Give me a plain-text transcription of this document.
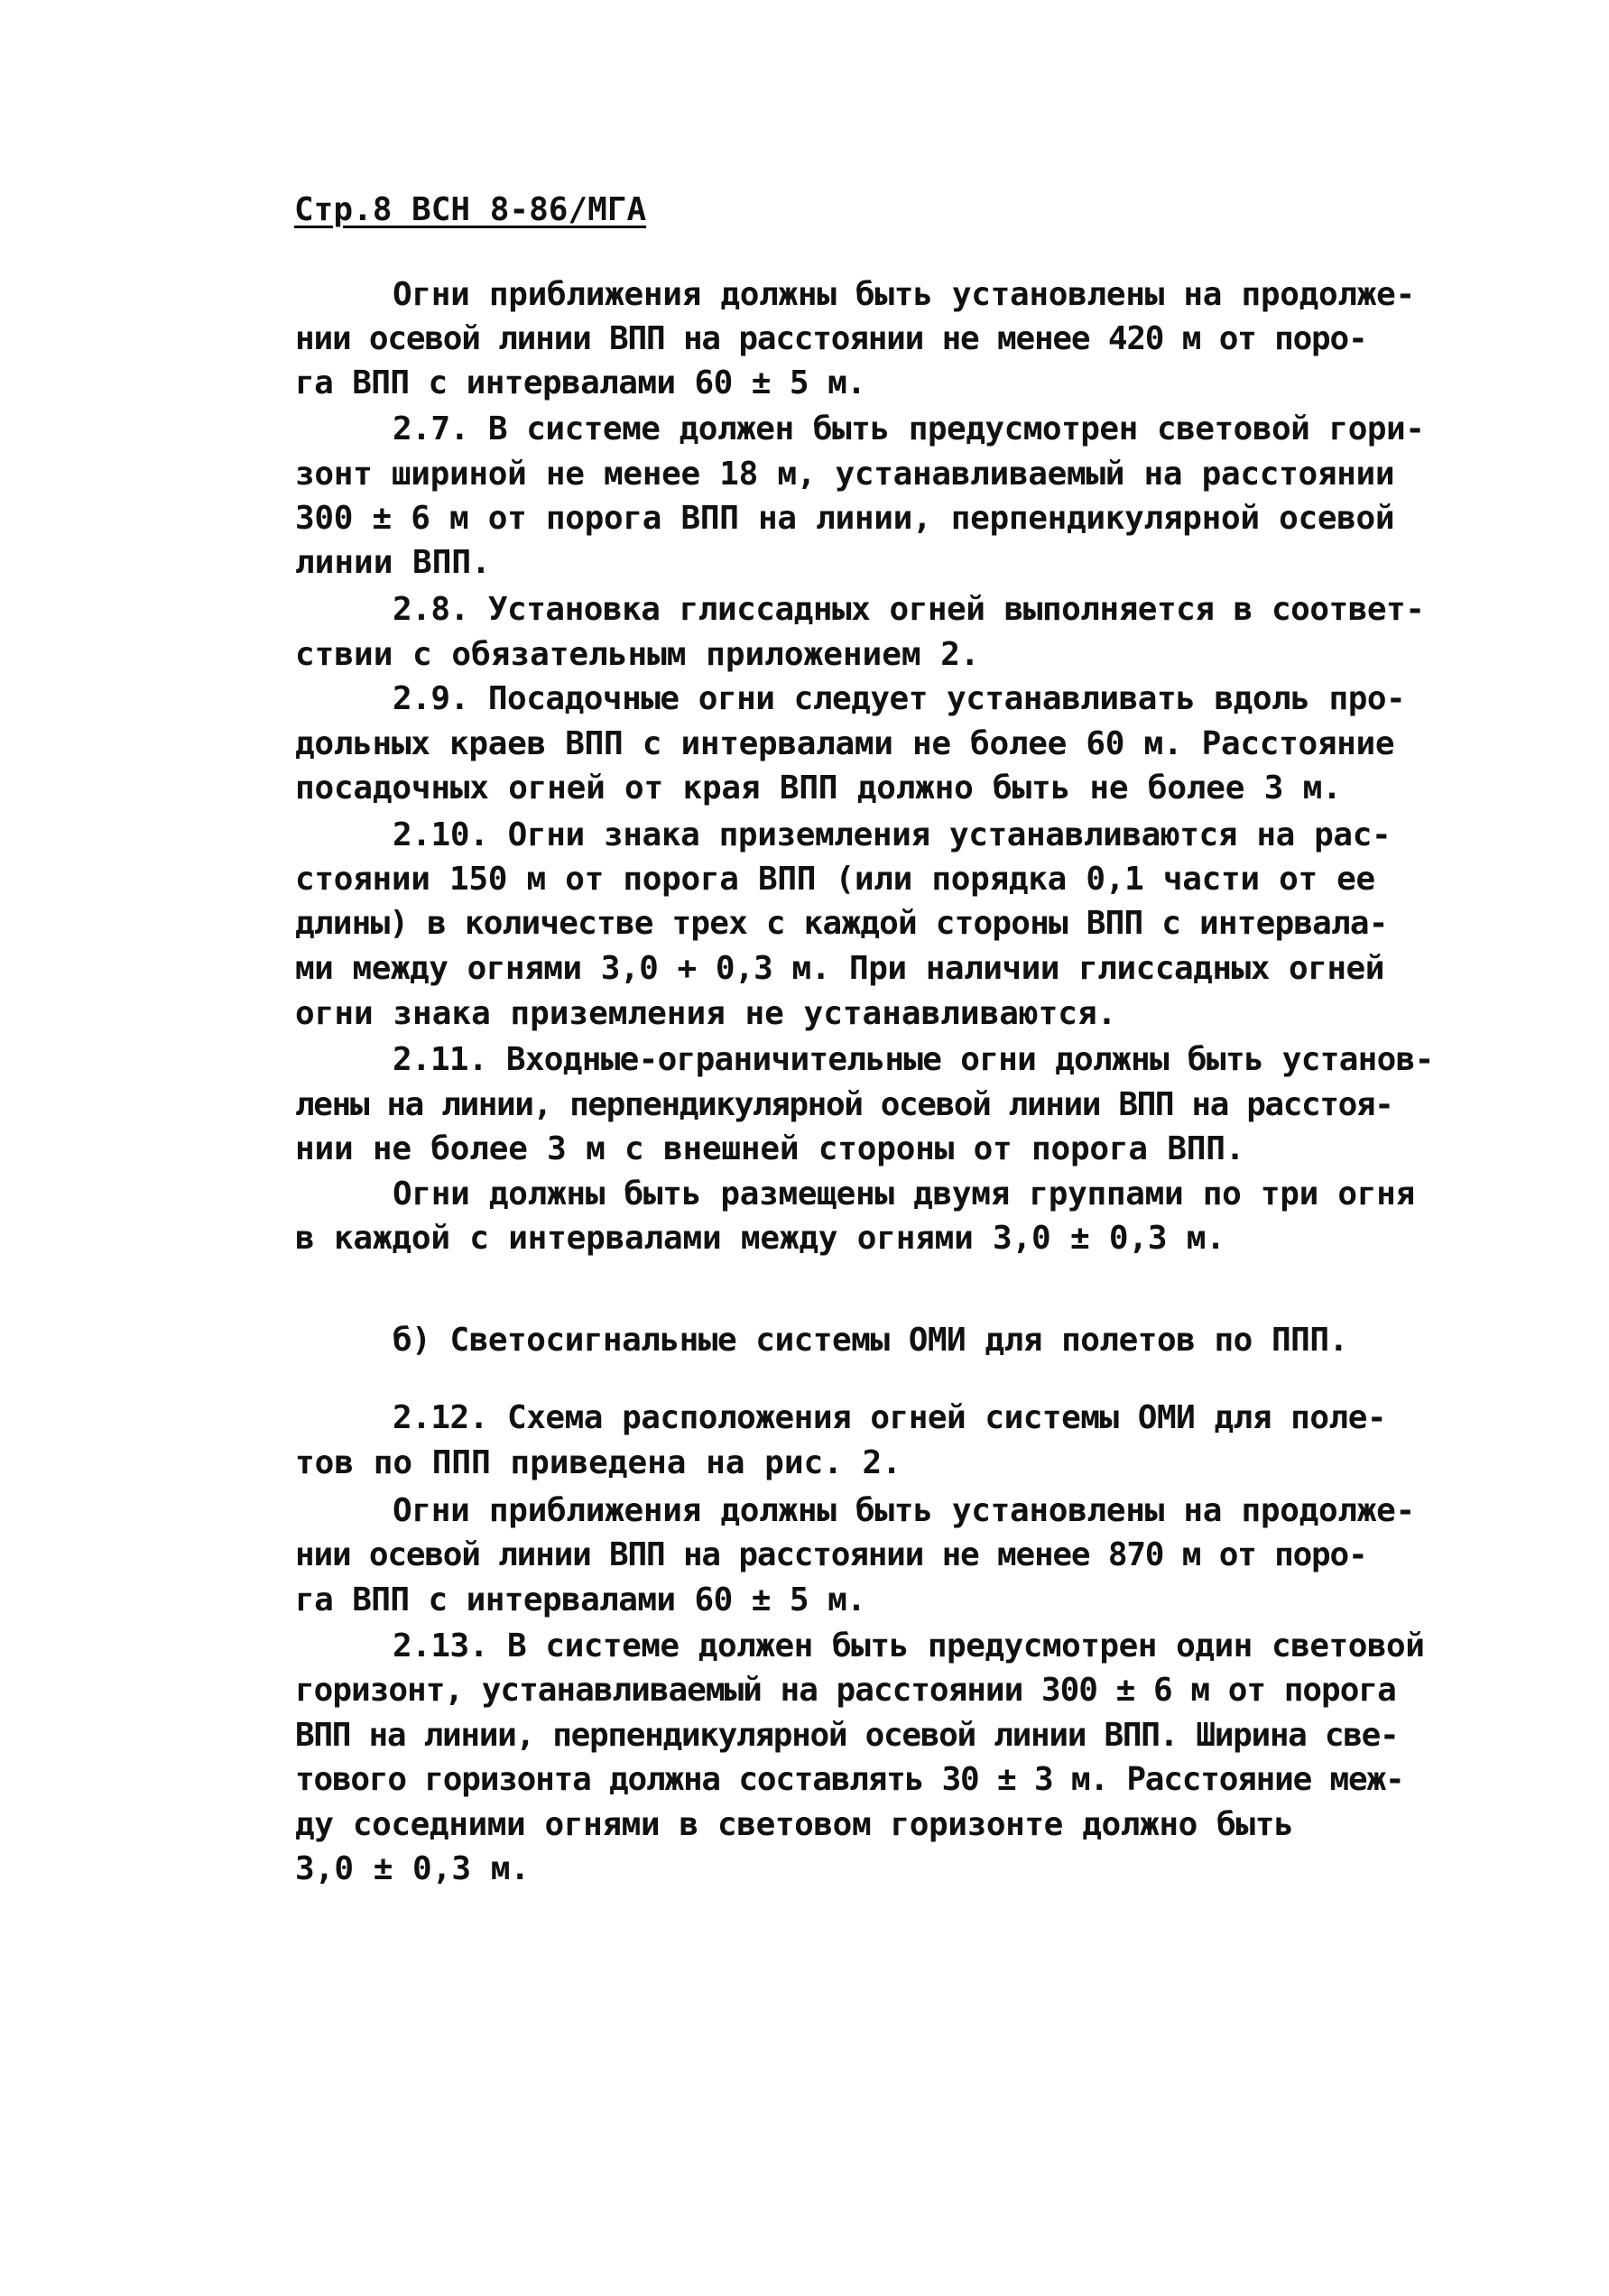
Стр.8 ВСН 8-86/МГА
Огни приближения должны быть установлены на продолже-
нии осевой линии ВПП на расстоянии не менее 420 м от поро-
га ВПП с интервалами 60 ± 5 м.
2.7. В системе должен быть предусмотрен световой гори-
зонт шириной не менее 18 м, устанавливаемый на расстоянии
300 ± 6 м от порога ВПП на линии, перпендикулярной осевой
линии ВПП.
2.8. Установка глиссадных огней выполняется в соответ-
ствии с обязательным приложением 2.
2.9. Посадочные огни следует устанавливать вдоль про-
дольных краев ВПП с интервалами не более 60 м. Расстояние
посадочных огней от края ВПП должно быть не более 3 м.
2.10. Огни знака приземления устанавливаются на рас-
стоянии 150 м от порога ВПП (или порядка 0,1 части от ее
длины) в количестве трех с каждой стороны ВПП с интервала-
ми между огнями 3,0 + 0,3 м. При наличии глиссадных огней
огни знака приземления не устанавливаются.
2.11. Входные-ограничительные огни должны быть установ-
лены на линии, перпендикулярной осевой линии ВПП на расстоя-
нии не более 3 м с внешней стороны от порога ВПП.
Огни должны быть размещены двумя группами по три огня
в каждой с интервалами между огнями 3,0 ± 0,3 м.
б) Светосигнальные системы ОМИ для полетов по ППП.
2.12. Схема расположения огней системы ОМИ для поле-
тов по ППП приведена на рис. 2.
Огни приближения должны быть установлены на продолже-
нии осевой линии ВПП на расстоянии не менее 870 м от поро-
га ВПП с интервалами 60 ± 5 м.
2.13. В системе должен быть предусмотрен один световой
горизонт, устанавливаемый на расстоянии 300 ± 6 м от порога
ВПП на линии, перпендикулярной осевой линии ВПП. Ширина све-
тового горизонта должна составлять 30 ± 3 м. Расстояние меж-
ду соседними огнями в световом горизонте должно быть
3,0 ± 0,3 м.
